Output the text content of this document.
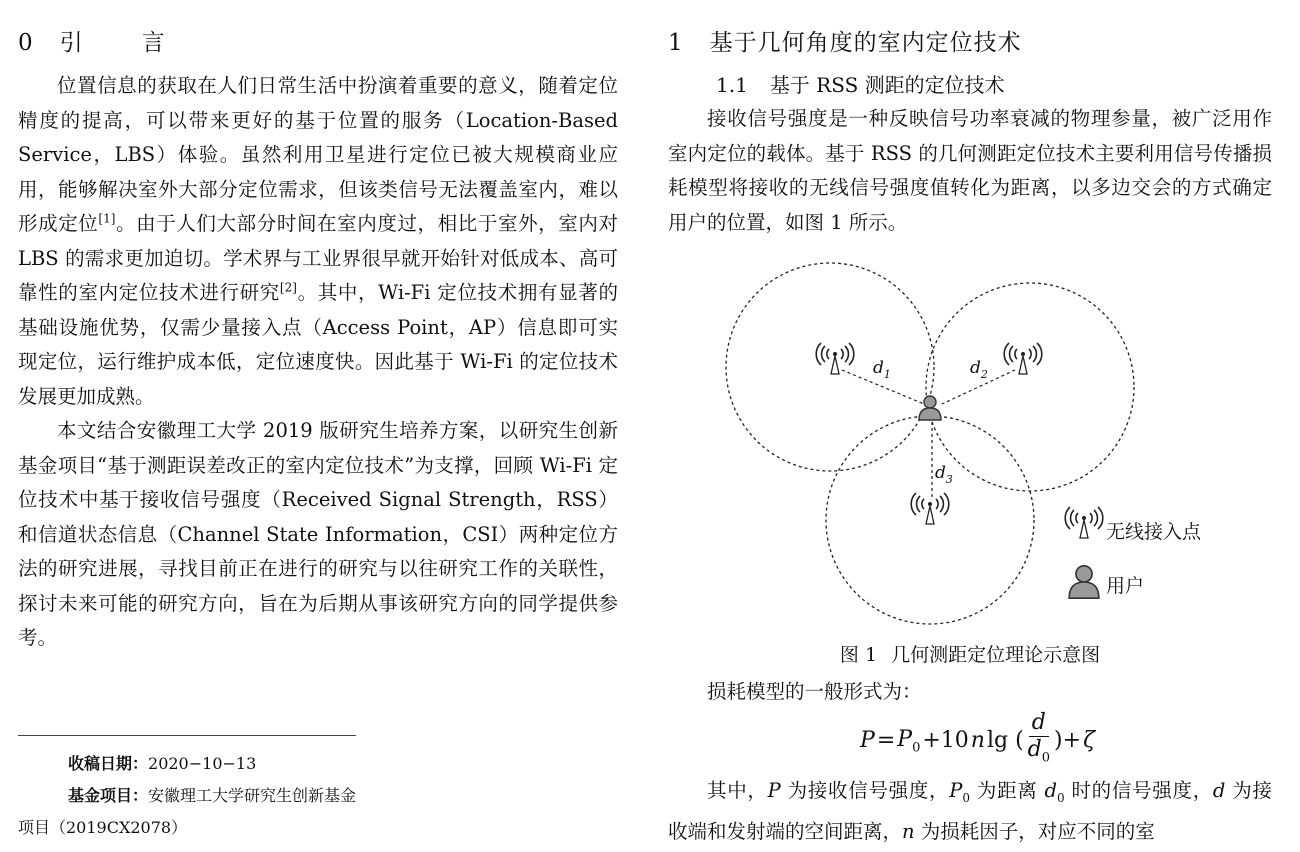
0 引　言

位置信息的获取在人们日常生活中扮演着重要的意义，随着定位精度的提高，可以带来更好的基于位置的服务（Location-Based Service，LBS）体验。虽然利用卫星进行定位已被大规模商业应用，能够解决室外大部分定位需求，但该类信号无法覆盖室内，难以形成定位[1]。由于人们大部分时间在室内度过，相比于室外，室内对 LBS 的需求更加迫切。学术界与工业界很早就开始针对低成本、高可靠性的室内定位技术进行研究[2]。其中，Wi-Fi 定位技术拥有显著的基础设施优势，仅需少量接入点（Access Point，AP）信息即可实现定位，运行维护成本低，定位速度快。因此基于 Wi-Fi 的定位技术发展更加成熟。

本文结合安徽理工大学 2019 版研究生培养方案，以研究生创新基金项目“基于测距误差改正的室内定位技术”为支撑，回顾 Wi-Fi 定位技术中基于接收信号强度（Received Signal Strength，RSS）和信道状态信息（Channel State Information，CSI）两种定位方法的研究进展，寻找目前正在进行的研究与以往研究工作的关联性，探讨未来可能的研究方向，旨在为后期从事该研究方向的同学提供参考。

收稿日期：2020−10−13
基金项目：安徽理工大学研究生创新基金
项目（2019CX2078）
1 基于几何角度的室内定位技术
1.1 基于 RSS 测距的定位技术

接收信号强度是一种反映信号功率衰减的物理参量，被广泛用作室内定位的载体。基于 RSS 的几何测距定位技术主要利用信号传播损耗模型将接收的无线信号强度值转化为距离，以多边交会的方式确定用户的位置，如图 1 所示。

$d_1$	$d_2$
$d_3$
无线接入点
用户
图 1 几何测距定位理论示意图
损耗模型的一般形式为：
$P = P_0 +10$ n lg ( $\frac{d}{d_0}$ )+ ζ

其中，P 为接收信号强度，$P_0$ 为距离 $d_0$ 时的信号强度，d 为接收端和发射端的空间距离，n 为损耗因子，对应不同的室
